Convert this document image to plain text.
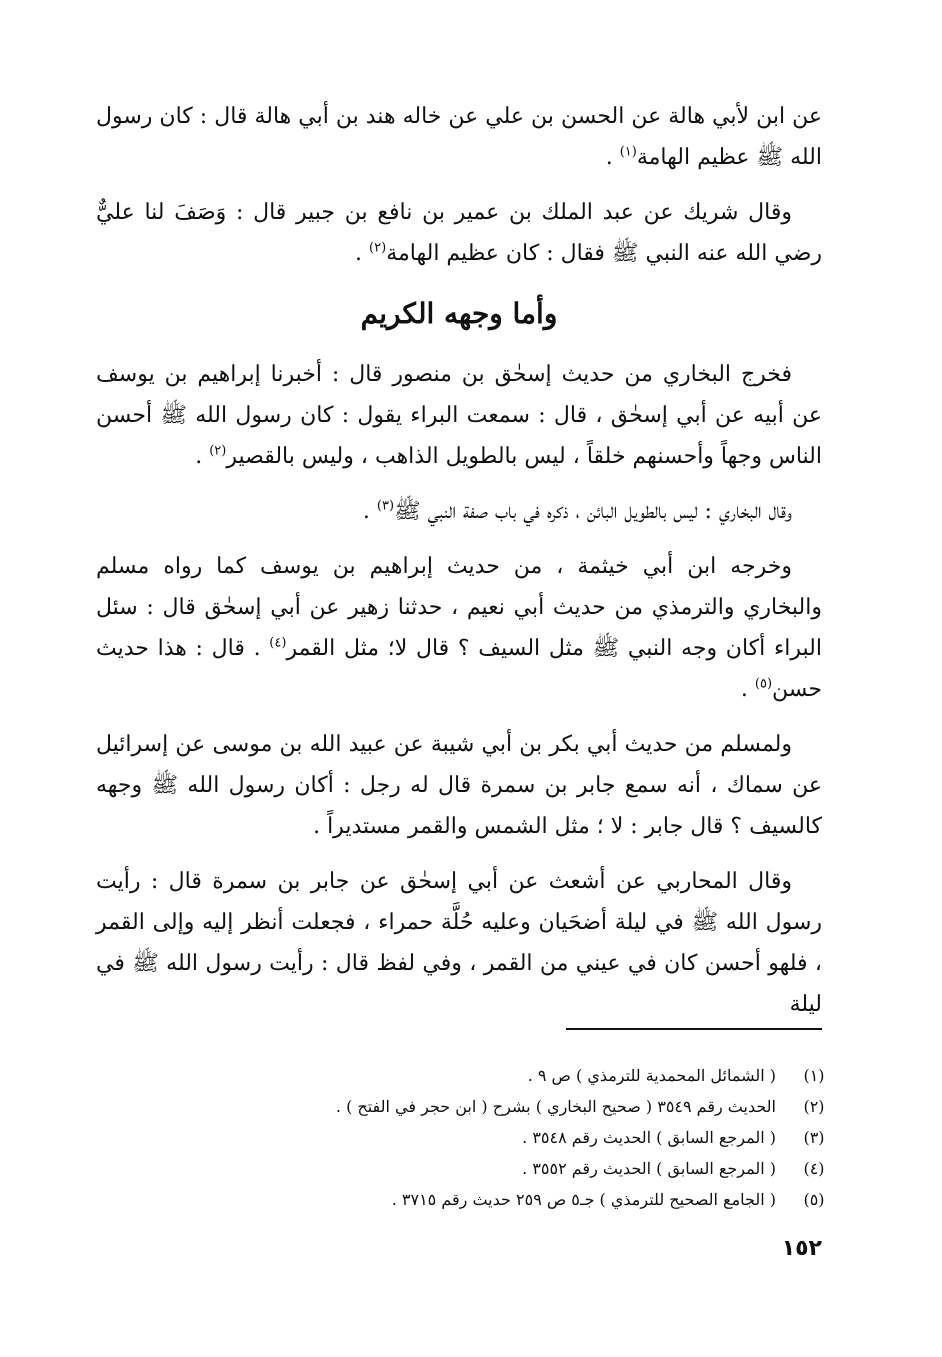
عن ابن لأبي هالة عن الحسن بن علي عن خاله هند بن أبي هالة قال : كان رسول الله ﷺ عظيم الهامة$^{(١)}$ .

وقال شريك عن عبد الملك بن عمير بن نافع بن جبير قال : وَصَفَ لنا عليٌّ رضي الله عنه النبي ﷺ فقال : كان عظيم الهامة$^{(٢)}$ .

وأما وجهه الكريم

فخرج البخاري من حديث إسحٰق بن منصور قال : أخبرنا إبراهيم بن يوسف عن أبيه عن أبي إسحٰق ، قال : سمعت البراء يقول : كان رسول الله ﷺ أحسن الناس وجهاً وأحسنهم خلقاً ، ليس بالطويل الذاهب ، وليس بالقصير$^{(٢)}$ .

وقال البخاري : ليس بالطويل البائن ، ذكره في باب صفة النبي ﷺ$^{(٣)}$ .

وخرجه ابن أبي خيثمة ، من حديث إبراهيم بن يوسف كما رواه مسلم والبخاري والترمذي من حديث أبي نعيم ، حدثنا زهير عن أبي إسحٰق قال : سئل البراء أكان وجه النبي ﷺ مثل السيف ؟ قال لا؛ مثل القمر$^{(٤)}$ . قال : هذا حديث حسن$^{(٥)}$ .

ولمسلم من حديث أبي بكر بن أبي شيبة عن عبيد الله بن موسى عن إسرائيل عن سماك ، أنه سمع جابر بن سمرة قال له رجل : أكان رسول الله ﷺ وجهه كالسيف ؟ قال جابر : لا ؛ مثل الشمس والقمر مستديراً .

وقال المحاربي عن أشعث عن أبي إسحٰق عن جابر بن سمرة قال : رأيت رسول الله ﷺ في ليلة أضحَيان وعليه حُلَّة حمراء ، فجعلت أنظر إليه وإلى القمر ، فلهو أحسن كان في عيني من القمر ، وفي لفظ قال : رأيت رسول الله ﷺ في ليلة

(١)
( الشمائل المحمدية للترمذي ) ص ٩ .
(٢)
الحديث رقم ٣٥٤٩ ( صحيح البخاري ) بشرح ( ابن حجر في الفتح ) .
(٣)
( المرجع السابق ) الحديث رقم ٣٥٤٨ .
(٤)
( المرجع السابق ) الحديث رقم ٣٥٥٢ .
(٥)
( الجامع الصحيح للترمذي ) جـ٥ ص ٢٥٩ حديث رقم ٣٧١٥ .
١٥٢
